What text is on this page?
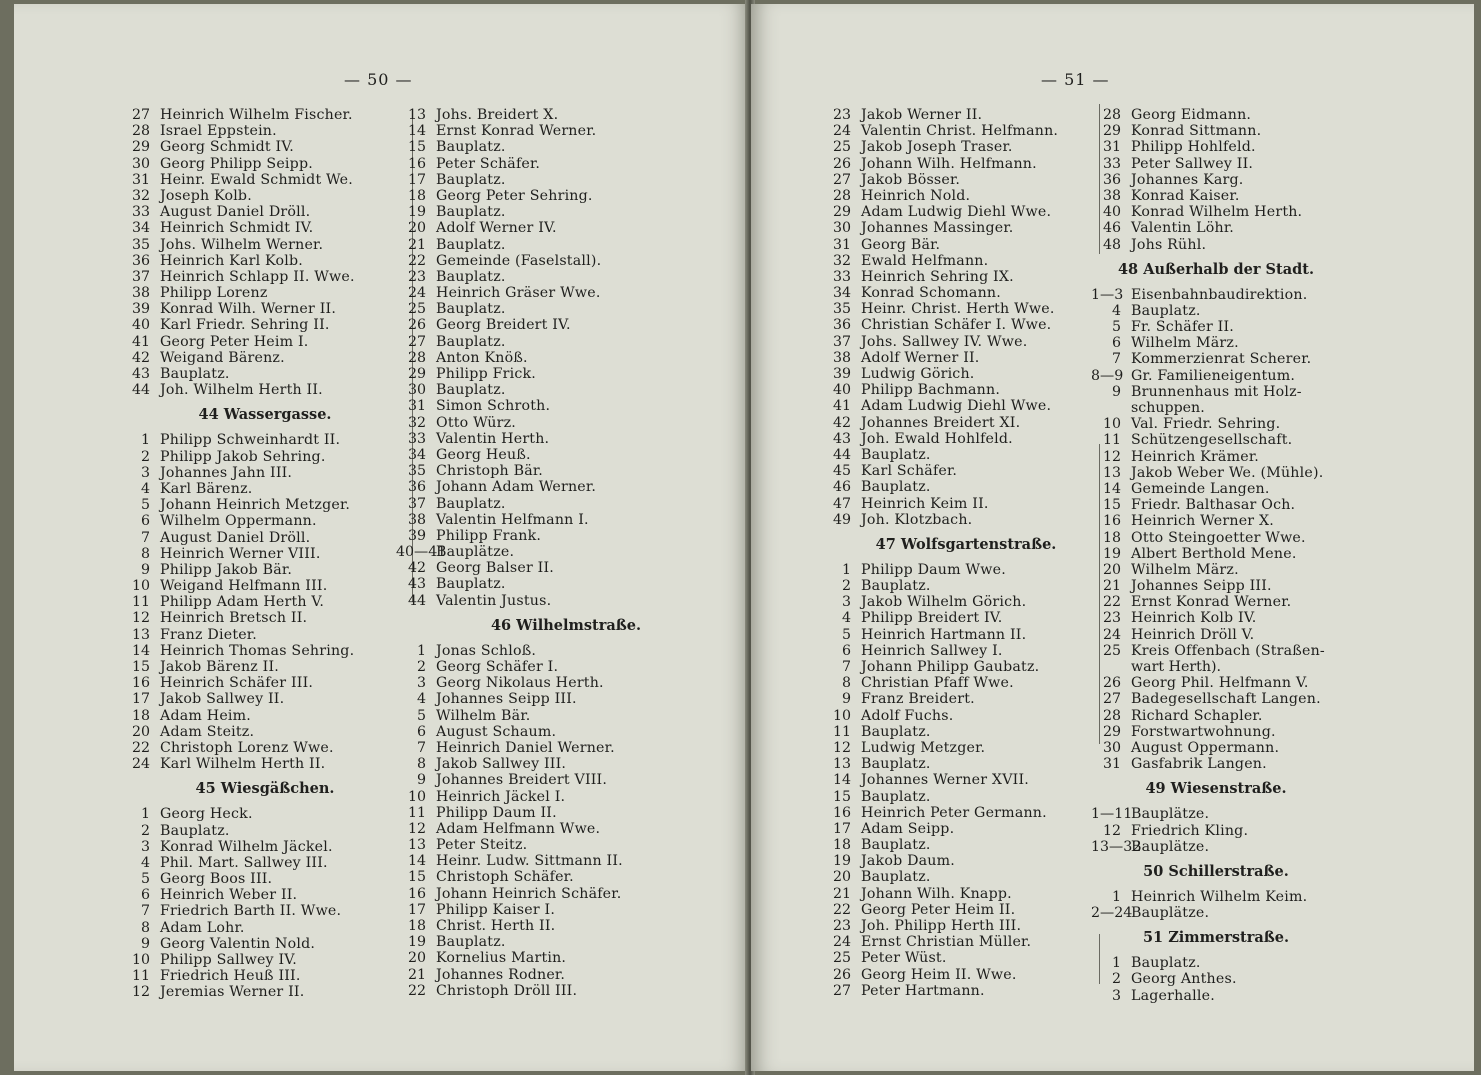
— 50 —
27 Heinrich Wilhelm Fischer.
28 Israel Eppstein.
29 Georg Schmidt IV.
30 Georg Philipp Seipp.
31 Heinr. Ewald Schmidt We.
32 Joseph Kolb.
33 August Daniel Dröll.
34 Heinrich Schmidt IV.
35 Johs. Wilhelm Werner.
36 Heinrich Karl Kolb.
37 Heinrich Schlapp II. Wwe.
38 Philipp Lorenz
39 Konrad Wilh. Werner II.
40 Karl Friedr. Sehring II.
41 Georg Peter Heim I.
42 Weigand Bärenz.
43 Bauplatz.
44 Joh. Wilhelm Herth II.
44 Wassergasse.
1 Philipp Schweinhardt II.
2 Philipp Jakob Sehring.
3 Johannes Jahn III.
4 Karl Bärenz.
5 Johann Heinrich Metzger.
6 Wilhelm Oppermann.
7 August Daniel Dröll.
8 Heinrich Werner VIII.
9 Philipp Jakob Bär.
10 Weigand Helfmann III.
11 Philipp Adam Herth V.
12 Heinrich Bretsch II.
13 Franz Dieter.
14 Heinrich Thomas Sehring.
15 Jakob Bärenz II.
16 Heinrich Schäfer III.
17 Jakob Sallwey II.
18 Adam Heim.
20 Adam Steitz.
22 Christoph Lorenz Wwe.
24 Karl Wilhelm Herth II.
45 Wiesgäßchen.
1 Georg Heck.
2 Bauplatz.
3 Konrad Wilhelm Jäckel.
4 Phil. Mart. Sallwey III.
5 Georg Boos III.
6 Heinrich Weber II.
7 Friedrich Barth II. Wwe.
8 Adam Lohr.
9 Georg Valentin Nold.
10 Philipp Sallwey IV.
11 Friedrich Heuß III.
12 Jeremias Werner II.
13 Johs. Breidert X.
14 Ernst Konrad Werner.
15 Bauplatz.
16 Peter Schäfer.
17 Bauplatz.
18 Georg Peter Sehring.
19 Bauplatz.
20 Adolf Werner IV.
21 Bauplatz.
22 Gemeinde (Faselstall).
23 Bauplatz.
24 Heinrich Gräser Wwe.
25 Bauplatz.
26 Georg Breidert IV.
27 Bauplatz.
28 Anton Knöß.
29 Philipp Frick.
30 Bauplatz.
31 Simon Schroth.
32 Otto Würz.
33 Valentin Herth.
34 Georg Heuß.
35 Christoph Bär.
36 Johann Adam Werner.
37 Bauplatz.
38 Valentin Helfmann I.
39 Philipp Frank.
40—41
Bauplätze.
42 Georg Balser II.
43 Bauplatz.
44 Valentin Justus.
46 Wilhelmstraße.
1 Jonas Schloß.
2 Georg Schäfer I.
3 Georg Nikolaus Herth.
4 Johannes Seipp III.
5 Wilhelm Bär.
6 August Schaum.
7 Heinrich Daniel Werner.
8 Jakob Sallwey III.
9 Johannes Breidert VIII.
10 Heinrich Jäckel I.
11 Philipp Daum II.
12 Adam Helfmann Wwe.
13 Peter Steitz.
14 Heinr. Ludw. Sittmann II.
15 Christoph Schäfer.
16 Johann Heinrich Schäfer.
17 Philipp Kaiser I.
18 Christ. Herth II.
19 Bauplatz.
20 Kornelius Martin.
21 Johannes Rodner.
22 Christoph Dröll III.
— 51 —
23 Jakob Werner II.
24 Valentin Christ. Helfmann.
25 Jakob Joseph Traser.
26 Johann Wilh. Helfmann.
27 Jakob Bösser.
28 Heinrich Nold.
29 Adam Ludwig Diehl Wwe.
30 Johannes Massinger.
31 Georg Bär.
32 Ewald Helfmann.
33 Heinrich Sehring IX.
34 Konrad Schomann.
35 Heinr. Christ. Herth Wwe.
36 Christian Schäfer I. Wwe.
37 Johs. Sallwey IV. Wwe.
38 Adolf Werner II.
39 Ludwig Görich.
40 Philipp Bachmann.
41 Adam Ludwig Diehl Wwe.
42 Johannes Breidert XI.
43 Joh. Ewald Hohlfeld.
44 Bauplatz.
45 Karl Schäfer.
46 Bauplatz.
47 Heinrich Keim II.
49 Joh. Klotzbach.
47 Wolfsgartenstraße.
1 Philipp Daum Wwe.
2 Bauplatz.
3 Jakob Wilhelm Görich.
4 Philipp Breidert IV.
5 Heinrich Hartmann II.
6 Heinrich Sallwey I.
7 Johann Philipp Gaubatz.
8 Christian Pfaff Wwe.
9 Franz Breidert.
10 Adolf Fuchs.
11 Bauplatz.
12 Ludwig Metzger.
13 Bauplatz.
14 Johannes Werner XVII.
15 Bauplatz.
16 Heinrich Peter Germann.
17 Adam Seipp.
18 Bauplatz.
19 Jakob Daum.
20 Bauplatz.
21 Johann Wilh. Knapp.
22 Georg Peter Heim II.
23 Joh. Philipp Herth III.
24 Ernst Christian Müller.
25 Peter Wüst.
26 Georg Heim II. Wwe.
27 Peter Hartmann.
28 Georg Eidmann.
29 Konrad Sittmann.
31 Philipp Hohlfeld.
33 Peter Sallwey II.
36 Johannes Karg.
38 Konrad Kaiser.
40 Konrad Wilhelm Herth.
46 Valentin Löhr.
48 Johs Rühl.
48 Außerhalb der Stadt.
1—3 Eisenbahnbaudirektion.
4 Bauplatz.
5 Fr. Schäfer II.
6 Wilhelm März.
7 Kommerzienrat Scherer.
8—9 Gr. Familieneigentum.
9 Brunnenhaus mit Holz-
schuppen.
10 Val. Friedr. Sehring.
11 Schützengesellschaft.
12 Heinrich Krämer.
13 Jakob Weber We. (Mühle).
14 Gemeinde Langen.
15 Friedr. Balthasar Och.
16 Heinrich Werner X.
18 Otto Steingoetter Wwe.
19 Albert Berthold Mene.
20 Wilhelm März.
21 Johannes Seipp III.
22 Ernst Konrad Werner.
23 Heinrich Kolb IV.
24 Heinrich Dröll V.
25 Kreis Offenbach (Straßen-
wart Herth).
26 Georg Phil. Helfmann V.
27 Badegesellschaft Langen.
28 Richard Schapler.
29 Forstwartwohnung.
30 August Oppermann.
31 Gasfabrik Langen.
49 Wiesenstraße.
1—11
Bauplätze.
12 Friedrich Kling.
13—32
Bauplätze.
50 Schillerstraße.
1 Heinrich Wilhelm Keim.
2—24
Bauplätze.
51 Zimmerstraße.
1 Bauplatz.
2 Georg Anthes.
3 Lagerhalle.
